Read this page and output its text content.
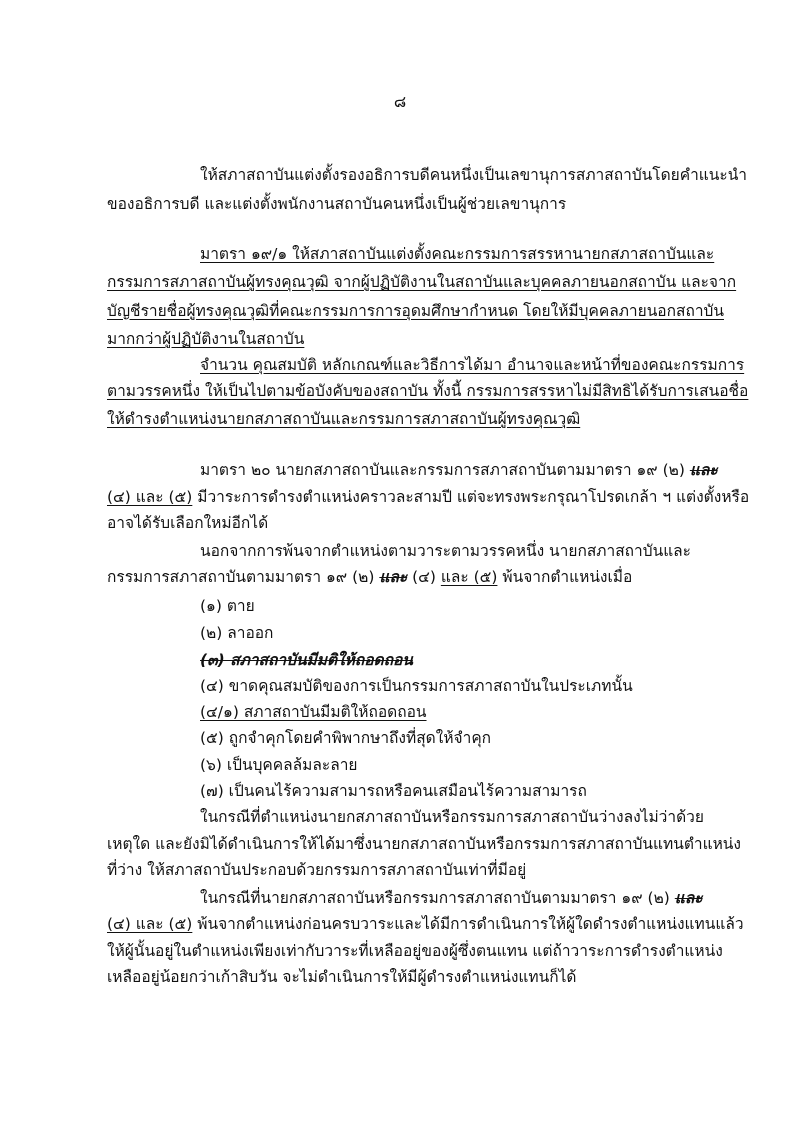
๘
ให้สภาสถาบันแต่งตั้งรองอธิการบดีคนหนึ่งเป็นเลขานุการสภาสถาบันโดยคำแนะนำ
ของอธิการบดี และแต่งตั้งพนักงานสถาบันคนหนึ่งเป็นผู้ช่วยเลขานุการ
มาตรา ๑๙/๑ ให้สภาสถาบันแต่งตั้งคณะกรรมการสรรหานายกสภาสถาบันและ
กรรมการสภาสถาบันผู้ทรงคุณวุฒิ จากผู้ปฏิบัติงานในสถาบันและบุคคลภายนอกสถาบัน และจาก
บัญชีรายชื่อผู้ทรงคุณวุฒิที่คณะกรรมการการอุดมศึกษากำหนด โดยให้มีบุคคลภายนอกสถาบัน
มากกว่าผู้ปฏิบัติงานในสถาบัน
จำนวน คุณสมบัติ หลักเกณฑ์และวิธีการได้มา อำนาจและหน้าที่ของคณะกรรมการ
ตามวรรคหนึ่ง ให้เป็นไปตามข้อบังคับของสถาบัน ทั้งนี้ กรรมการสรรหาไม่มีสิทธิได้รับการเสนอชื่อ
ให้ดำรงตำแหน่งนายกสภาสถาบันและกรรมการสภาสถาบันผู้ทรงคุณวุฒิ
มาตรา ๒๐ นายกสภาสถาบันและกรรมการสภาสถาบันตามมาตรา ๑๙ (๒) และ
(๔) และ (๕) มีวาระการดำรงตำแหน่งคราวละสามปี แต่จะทรงพระกรุณาโปรดเกล้า ฯ แต่งตั้งหรือ
อาจได้รับเลือกใหม่อีกได้
นอกจากการพ้นจากตำแหน่งตามวาระตามวรรคหนึ่ง นายกสภาสถาบันและ
กรรมการสภาสถาบันตามมาตรา ๑๙ (๒) และ (๔) และ (๕) พ้นจากตำแหน่งเมื่อ
(๑) ตาย
(๒) ลาออก
(๓) สภาสถาบันมีมติให้ถอดถอน
(๔) ขาดคุณสมบัติของการเป็นกรรมการสภาสถาบันในประเภทนั้น
(๔/๑) สภาสถาบันมีมติให้ถอดถอน
(๕) ถูกจำคุกโดยคำพิพากษาถึงที่สุดให้จำคุก
(๖) เป็นบุคคลล้มละลาย
(๗) เป็นคนไร้ความสามารถหรือคนเสมือนไร้ความสามารถ
ในกรณีที่ตำแหน่งนายกสภาสถาบันหรือกรรมการสภาสถาบันว่างลงไม่ว่าด้วย
เหตุใด และยังมิได้ดำเนินการให้ได้มาซึ่งนายกสภาสถาบันหรือกรรมการสภาสถาบันแทนตำแหน่ง
ที่ว่าง ให้สภาสถาบันประกอบด้วยกรรมการสภาสถาบันเท่าที่มีอยู่
ในกรณีที่นายกสภาสถาบันหรือกรรมการสภาสถาบันตามมาตรา ๑๙ (๒) และ
(๔) และ (๕) พ้นจากตำแหน่งก่อนครบวาระและได้มีการดำเนินการให้ผู้ใดดำรงตำแหน่งแทนแล้ว
ให้ผู้นั้นอยู่ในตำแหน่งเพียงเท่ากับวาระที่เหลืออยู่ของผู้ซึ่งตนแทน แต่ถ้าวาระการดำรงตำแหน่ง
เหลืออยู่น้อยกว่าเก้าสิบวัน จะไม่ดำเนินการให้มีผู้ดำรงตำแหน่งแทนก็ได้
